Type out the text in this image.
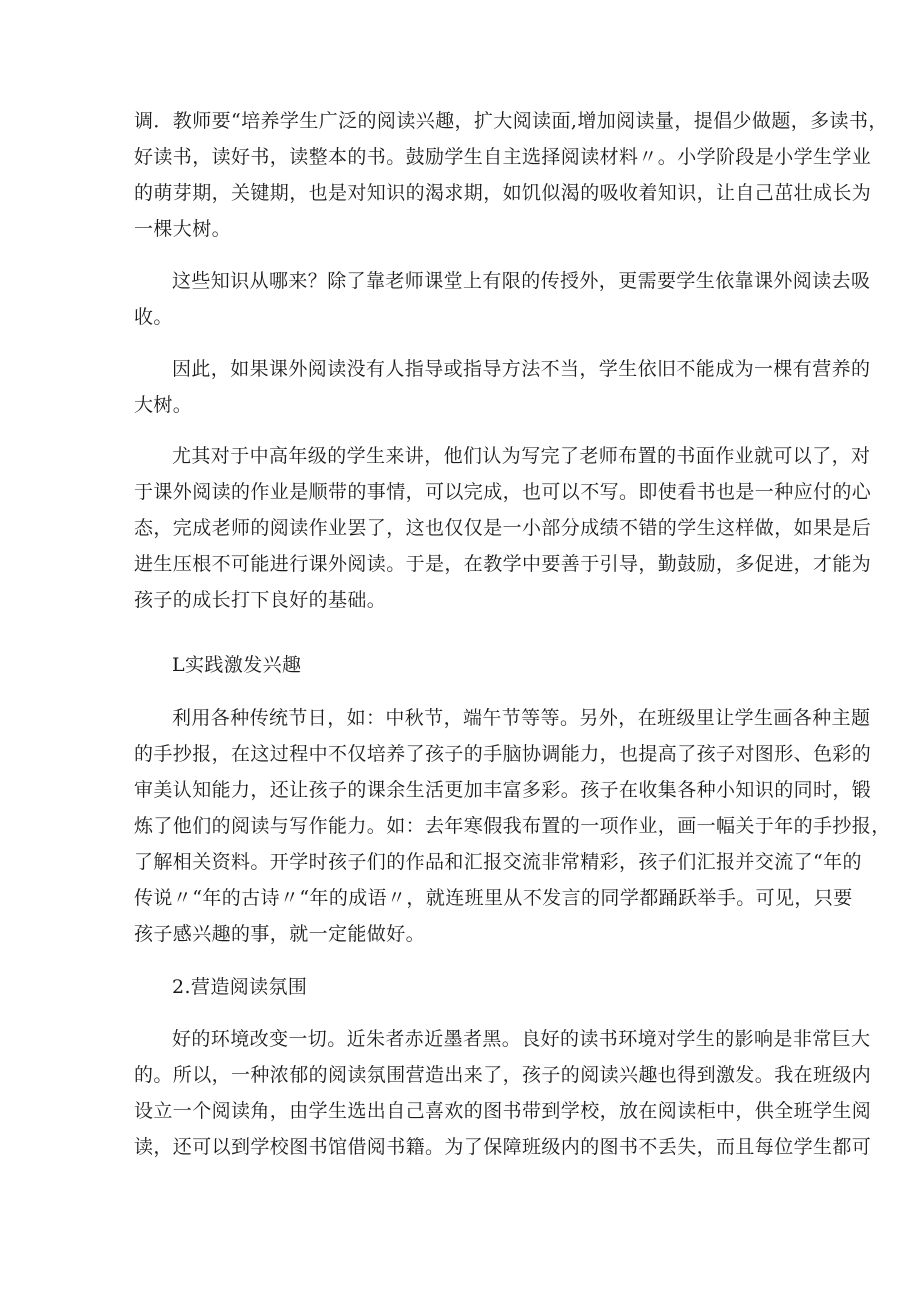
调．教师要“培养学生广泛的阅读兴趣，扩大阅读面,增加阅读量，提倡少做题，多读书，
好读书，读好书，读整本的书。鼓励学生自主选择阅读材料〃。小学阶段是小学生学业
的萌芽期，关键期，也是对知识的渴求期，如饥似渴的吸收着知识，让自己茁壮成长为
一棵大树。

这些知识从哪来？除了靠老师课堂上有限的传授外，更需要学生依靠课外阅读去吸
收。

因此，如果课外阅读没有人指导或指导方法不当，学生依旧不能成为一棵有营养的
大树。

尤其对于中高年级的学生来讲，他们认为写完了老师布置的书面作业就可以了，对
于课外阅读的作业是顺带的事情，可以完成，也可以不写。即使看书也是一种应付的心
态，完成老师的阅读作业罢了，这也仅仅是一小部分成绩不错的学生这样做，如果是后
进生压根不可能进行课外阅读。于是，在教学中要善于引导，勤鼓励，多促进，才能为
孩子的成长打下良好的基础。

L实践激发兴趣

利用各种传统节日，如：中秋节，端午节等等。另外，在班级里让学生画各种主题
的手抄报，在这过程中不仅培养了孩子的手脑协调能力，也提高了孩子对图形、色彩的
审美认知能力，还让孩子的课余生活更加丰富多彩。孩子在收集各种小知识的同时，锻
炼了他们的阅读与写作能力。如：去年寒假我布置的一项作业，画一幅关于年的手抄报，
了解相关资料。开学时孩子们的作品和汇报交流非常精彩，孩子们汇报并交流了“年的
传说〃“年的古诗〃“年的成语〃，就连班里从不发言的同学都踊跃举手。可见，只要
孩子感兴趣的事，就一定能做好。

2.营造阅读氛围

好的环境改变一切。近朱者赤近墨者黑。良好的读书环境对学生的影响是非常巨大
的。所以，一种浓郁的阅读氛围营造出来了，孩子的阅读兴趣也得到激发。我在班级内
设立一个阅读角，由学生选出自己喜欢的图书带到学校，放在阅读柜中，供全班学生阅
读，还可以到学校图书馆借阅书籍。为了保障班级内的图书不丢失，而且每位学生都可
